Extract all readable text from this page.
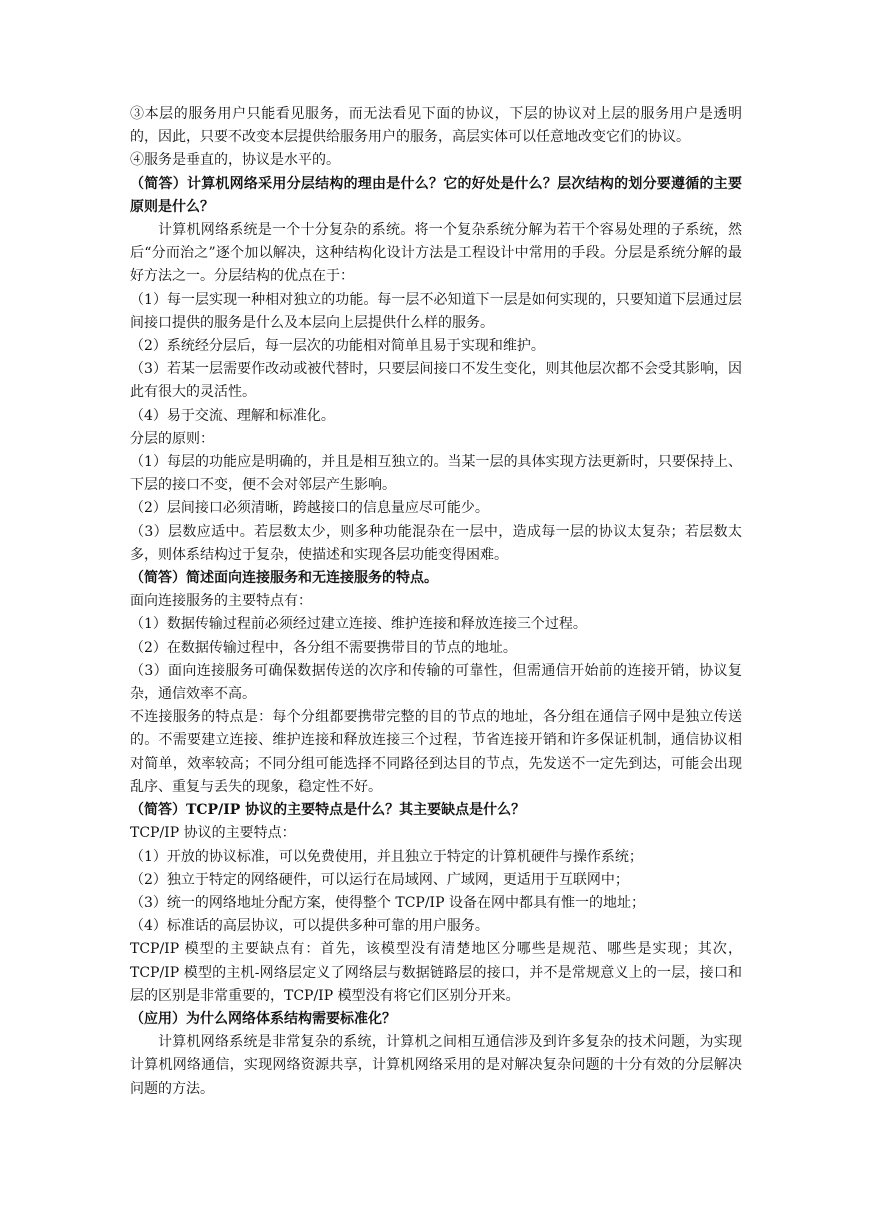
③本层的服务用户只能看见服务，而无法看见下面的协议，下层的协议对上层的服务用户是透明的，因此，只要不改变本层提供给服务用户的服务，高层实体可以任意地改变它们的协议。

④服务是垂直的，协议是水平的。

（简答）计算机网络采用分层结构的理由是什么？它的好处是什么？层次结构的划分要遵循的主要原则是什么？

计算机网络系统是一个十分复杂的系统。将一个复杂系统分解为若干个容易处理的子系统，然后“分而治之”逐个加以解决，这种结构化设计方法是工程设计中常用的手段。分层是系统分解的最好方法之一。分层结构的优点在于：

（1）每一层实现一种相对独立的功能。每一层不必知道下一层是如何实现的，只要知道下层通过层间接口提供的服务是什么及本层向上层提供什么样的服务。

（2）系统经分层后，每一层次的功能相对简单且易于实现和维护。

（3）若某一层需要作改动或被代替时，只要层间接口不发生变化，则其他层次都不会受其影响，因此有很大的灵活性。

（4）易于交流、理解和标准化。

分层的原则：

（1）每层的功能应是明确的，并且是相互独立的。当某一层的具体实现方法更新时，只要保持上、下层的接口不变，便不会对邻层产生影响。

（2）层间接口必须清晰，跨越接口的信息量应尽可能少。

（3）层数应适中。若层数太少，则多种功能混杂在一层中，造成每一层的协议太复杂；若层数太多，则体系结构过于复杂，使描述和实现各层功能变得困难。

（简答）简述面向连接服务和无连接服务的特点。

面向连接服务的主要特点有：

（1）数据传输过程前必须经过建立连接、维护连接和释放连接三个过程。

（2）在数据传输过程中，各分组不需要携带目的节点的地址。

（3）面向连接服务可确保数据传送的次序和传输的可靠性，但需通信开始前的连接开销，协议复杂，通信效率不高。

不连接服务的特点是：每个分组都要携带完整的目的节点的地址，各分组在通信子网中是独立传送的。不需要建立连接、维护连接和释放连接三个过程，节省连接开销和许多保证机制，通信协议相对简单，效率较高；不同分组可能选择不同路径到达目的节点，先发送不一定先到达，可能会出现乱序、重复与丢失的现象，稳定性不好。

（简答）TCP/IP 协议的主要特点是什么？其主要缺点是什么？

TCP/IP 协议的主要特点：

（1）开放的协议标准，可以免费使用，并且独立于特定的计算机硬件与操作系统；

（2）独立于特定的网络硬件，可以运行在局域网、广域网，更适用于互联网中；

（3）统一的网络地址分配方案，使得整个 TCP/IP 设备在网中都具有惟一的地址；

（4）标准话的高层协议，可以提供多种可靠的用户服务。

TCP/IP 模型的主要缺点有：首先，该模型没有清楚地区分哪些是规范、哪些是实现；其次，TCP/IP 模型的主机-网络层定义了网络层与数据链路层的接口，并不是常规意义上的一层，接口和层的区别是非常重要的，TCP/IP 模型没有将它们区别分开来。

（应用）为什么网络体系结构需要标准化？

计算机网络系统是非常复杂的系统，计算机之间相互通信涉及到许多复杂的技术问题，为实现计算机网络通信，实现网络资源共享，计算机网络采用的是对解决复杂问题的十分有效的分层解决问题的方法。
